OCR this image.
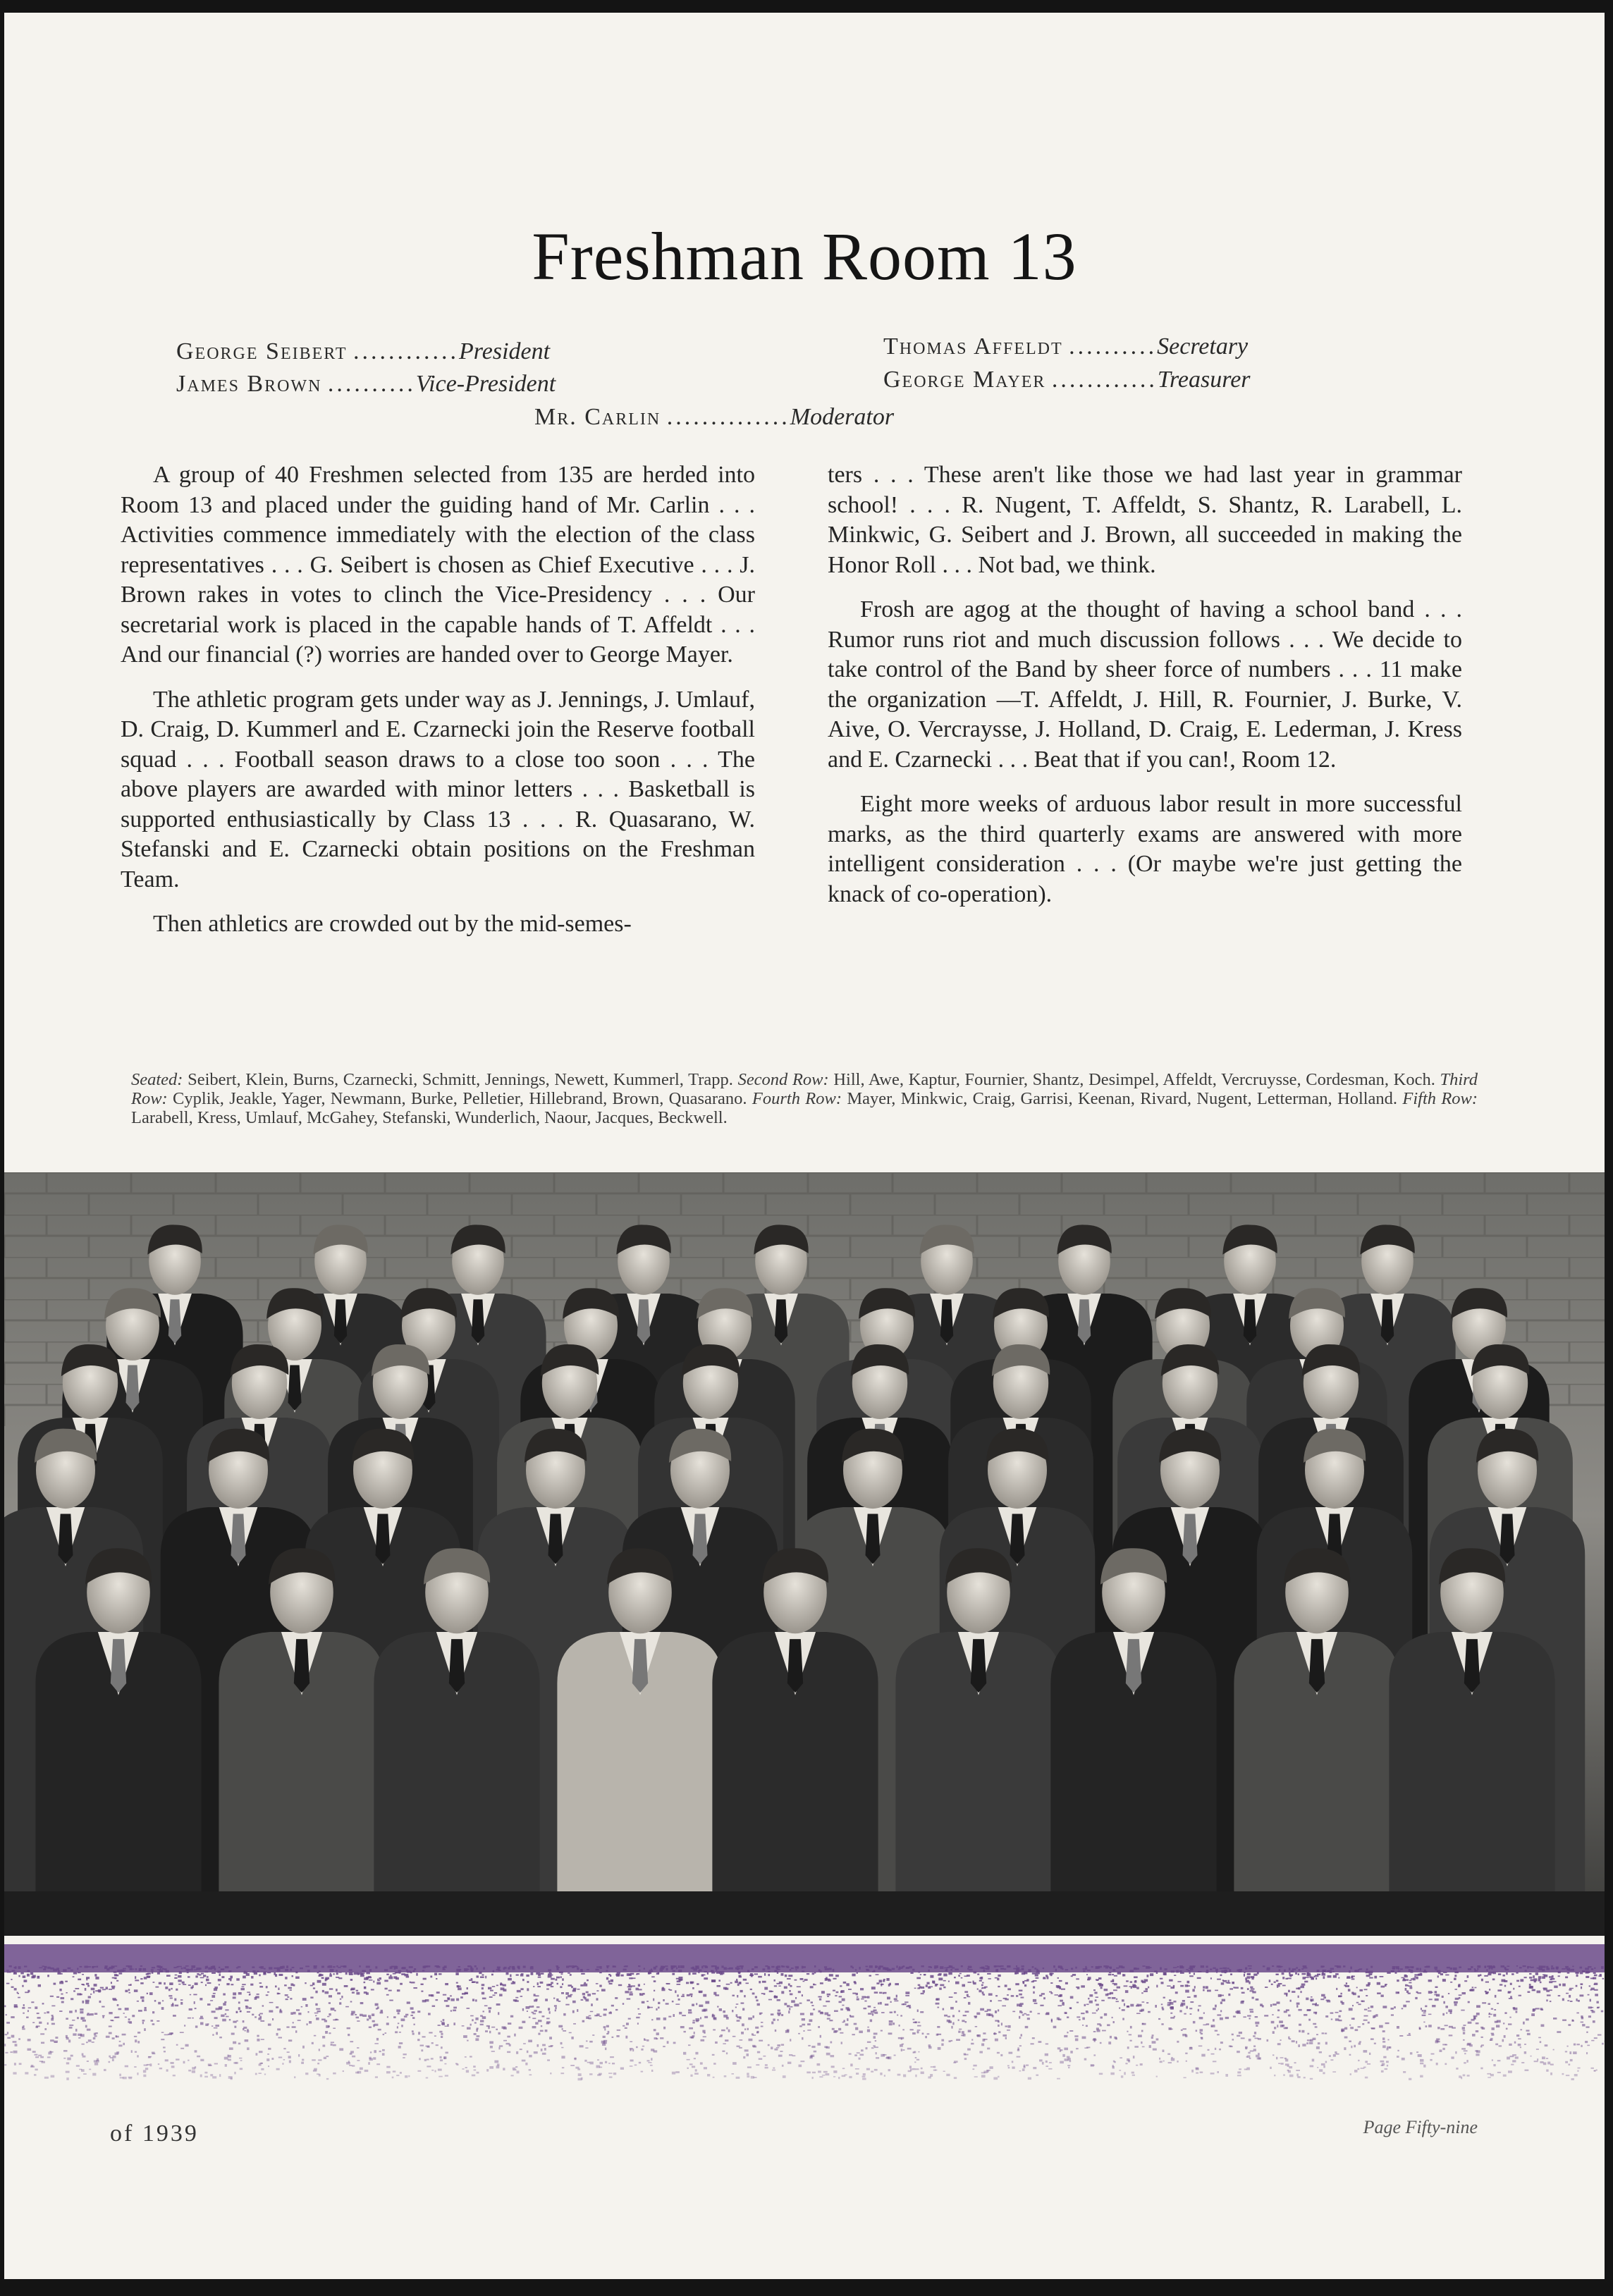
Freshman Room 13
George Seibert ............President
James Brown ..........Vice-President
Thomas Affeldt ..........Secretary
George Mayer ............Treasurer
Mr. Carlin ..............Moderator

A group of 40 Freshmen selected from 135 are herded into Room 13 and placed under the guiding hand of Mr. Carlin . . . Activities commence immediately with the election of the class representatives . . . G. Seibert is chosen as Chief Executive . . . J. Brown rakes in votes to clinch the Vice-Presidency . . . Our secretarial work is placed in the capable hands of T. Affeldt . . . And our financial (?) worries are handed over to George Mayer.

The athletic program gets under way as J. Jennings, J. Umlauf, D. Craig, D. Kummerl and E. Czarnecki join the Reserve football squad . . . Football season draws to a close too soon . . . The above players are awarded with minor letters . . . Basketball is supported enthusiastically by Class 13 . . . R. Quasarano, W. Stefanski and E. Czarnecki obtain positions on the Freshman Team.

Then athletics are crowded out by the mid-semes-

ters . . . These aren't like those we had last year in grammar school! . . . R. Nugent, T. Affeldt, S. Shantz, R. Larabell, L. Minkwic, G. Seibert and J. Brown, all succeeded in making the Honor Roll . . . Not bad, we think.

Frosh are agog at the thought of having a school band . . . Rumor runs riot and much discussion follows . . . We decide to take control of the Band by sheer force of numbers . . . 11 make the organization —T. Affeldt, J. Hill, R. Fournier, J. Burke, V. Aive, O. Vercraysse, J. Holland, D. Craig, E. Lederman, J. Kress and E. Czarnecki . . . Beat that if you can!, Room 12.

Eight more weeks of arduous labor result in more successful marks, as the third quarterly exams are answered with more intelligent consideration . . . (Or maybe we're just getting the knack of co-operation).

Seated: Seibert, Klein, Burns, Czarnecki, Schmitt, Jennings, Newett, Kummerl, Trapp. Second Row: Hill, Awe, Kaptur, Fournier, Shantz, Desimpel, Affeldt, Vercruysse, Cordesman, Koch. Third Row: Cyplik, Jeakle, Yager, Newmann, Burke, Pelletier, Hillebrand, Brown, Quasarano. Fourth Row: Mayer, Minkwic, Craig, Garrisi, Keenan, Rivard, Nugent, Letterman, Holland. Fifth Row: Larabell, Kress, Umlauf, McGahey, Stefanski, Wunderlich, Naour, Jacques, Beckwell.
of 1939	Page Fifty-nine
